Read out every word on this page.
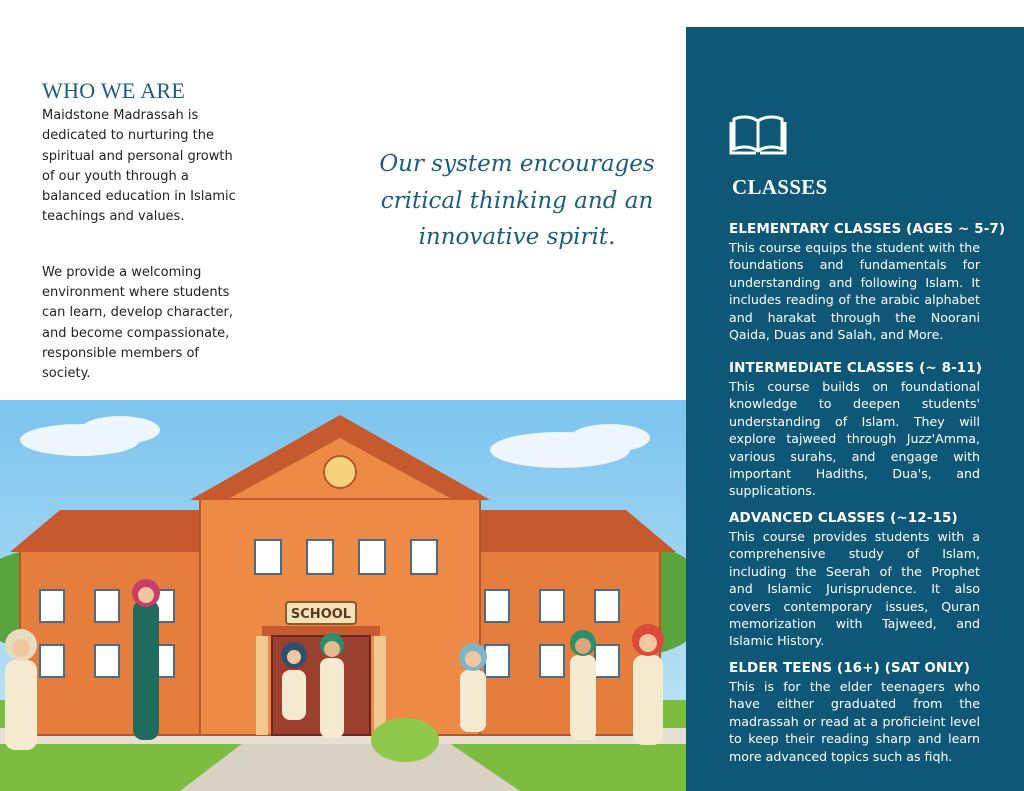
WHO WE ARE

Maidstone Madrassah is dedicated to nurturing the spiritual and personal growth of our youth through a balanced education in Islamic teachings and values.

We provide a welcoming environment where students can learn, develop character, and become compassionate, responsible members of society.

Our system encourages critical thinking and an innovative spirit.
SCHOOL
CLASSES
ELEMENTARY CLASSES (AGES ~ 5-7)

This course equips the student with the foundations and fundamentals for understanding and following Islam. It includes reading of the arabic alphabet and harakat through the Noorani Qaida, Duas and Salah, and More.

INTERMEDIATE CLASSES (~ 8-11)

This course builds on foundational knowledge to deepen students' understanding of Islam. They will explore tajweed through Juzz'Amma, various surahs, and engage with important Hadiths, Dua's, and supplications.

ADVANCED CLASSES (~12-15)

This course provides students with a comprehensive study of Islam, including the Seerah of the Prophet and Islamic Jurisprudence. It also covers contemporary issues, Quran memorization with Tajweed, and Islamic History.

ELDER TEENS (16+) (SAT ONLY)

This is for the elder teenagers who have either graduated from the madrassah or read at a proficieint level to keep their reading sharp and learn more advanced topics such as fiqh.
